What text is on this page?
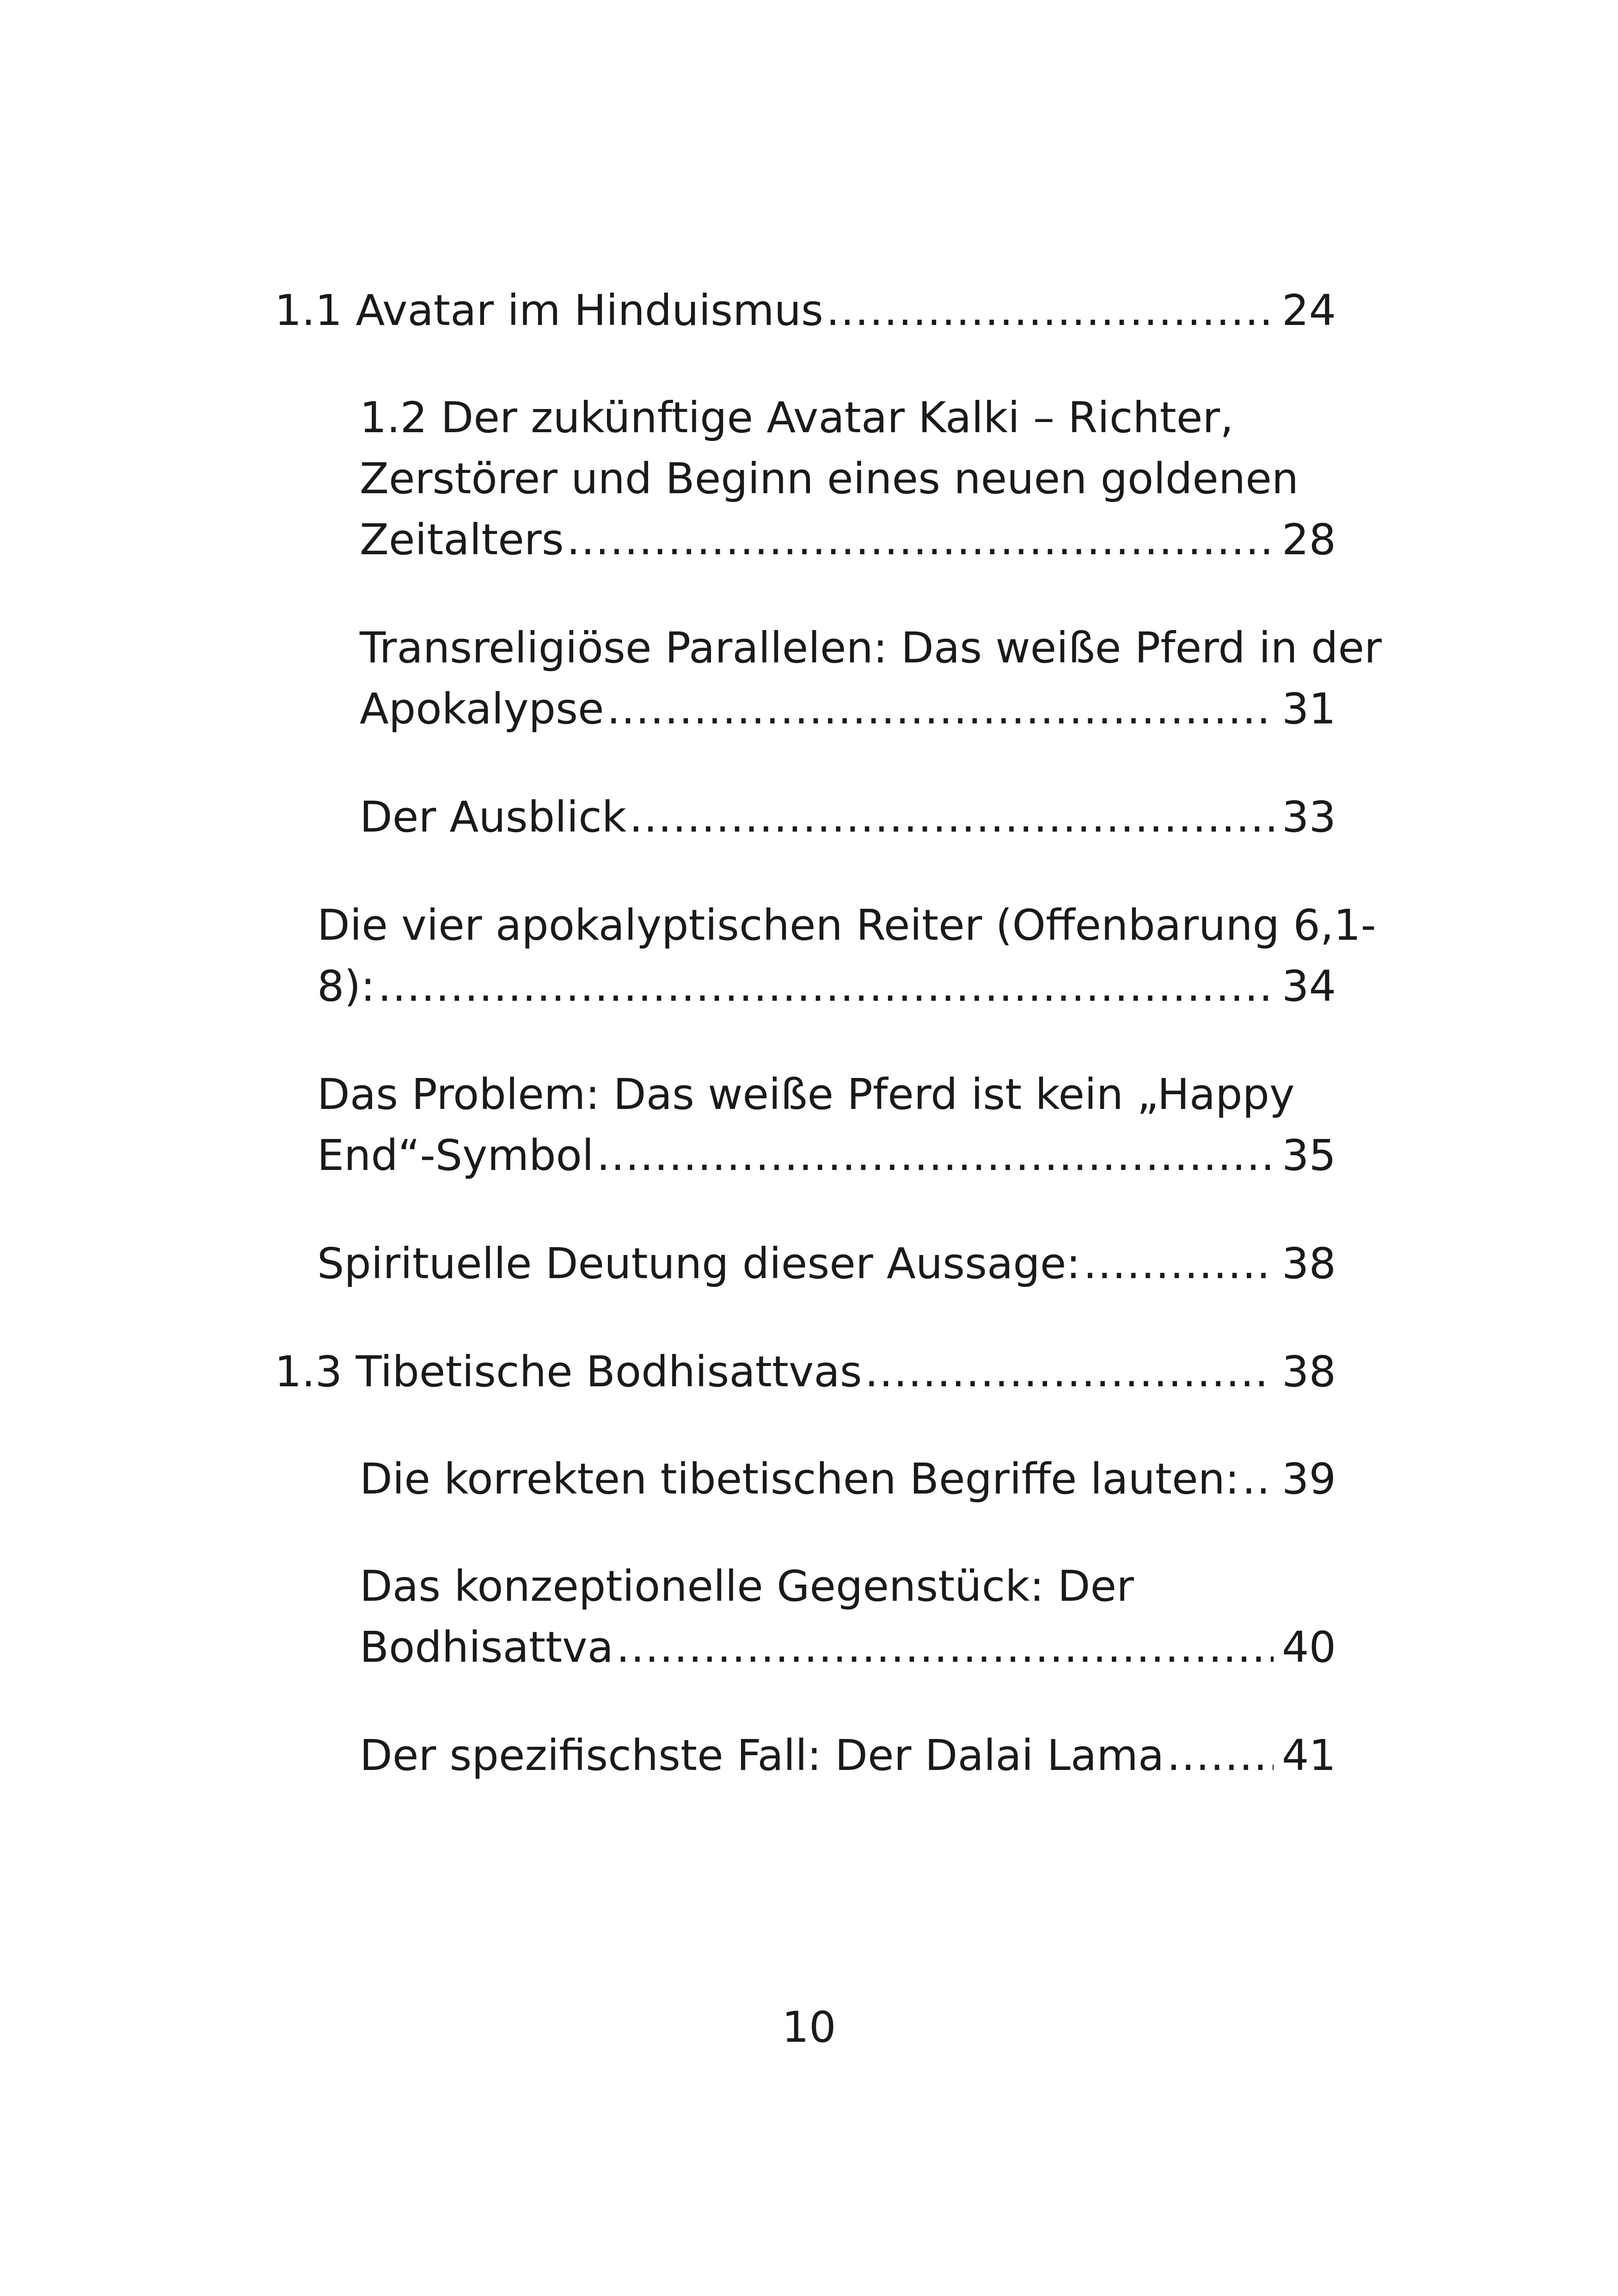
1.1 Avatar im Hinduismus .....	24
1.2 Der zukünftige Avatar Kalki – Richter,
Zerstörer und Beginn eines neuen goldenen
Zeitalters .....	28
Transreligiöse Parallelen: Das weiße Pferd in der
Apokalypse .....	31
Der Ausblick .....	33
Die vier apokalyptischen Reiter (Offenbarung 6,1-
8): .....	34
Das Problem: Das weiße Pferd ist kein „Happy
End“-Symbol .....	35
Spirituelle Deutung dieser Aussage: .....	38
1.3 Tibetische Bodhisattvas .....	38
Die korrekten tibetischen Begriffe lauten: ..... 39
Das konzeptionelle Gegenstück: Der
Bodhisattva .....	40
Der spezifischste Fall: Der Dalai Lama .....	41
10
